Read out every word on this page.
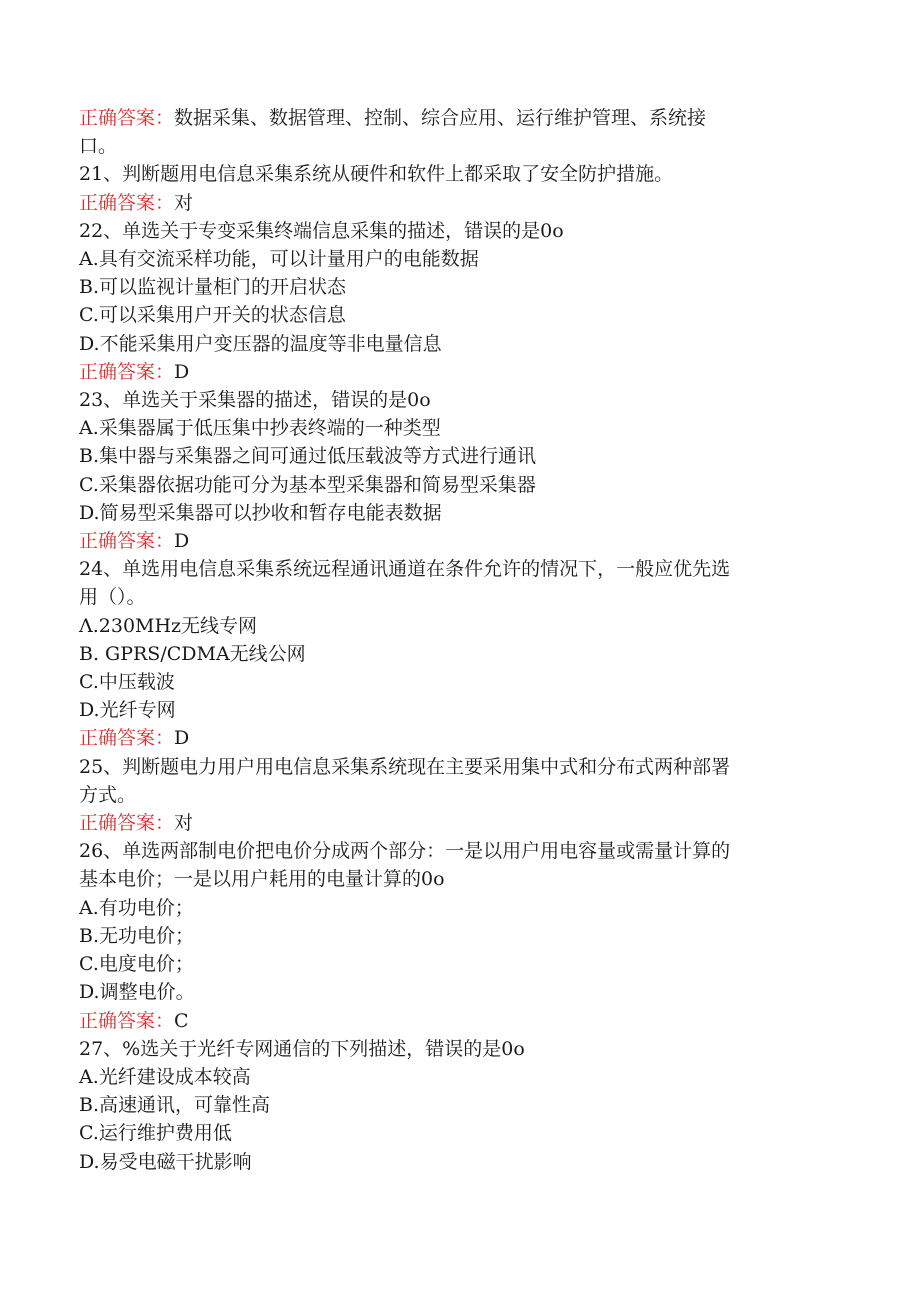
正确答案：数据采集、数据管理、控制、综合应用、运行维护管理、系统接

口。

21、判断题用电信息采集系统从硬件和软件上都采取了安全防护措施。

正确答案：对

22、单选关于专变采集终端信息采集的描述，错误的是0o

A.具有交流采样功能，可以计量用户的电能数据

B.可以监视计量柜门的开启状态

C.可以采集用户开关的状态信息

D.不能采集用户变压器的温度等非电量信息

正确答案：D

23、单选关于采集器的描述，错误的是0o

A.采集器属于低压集中抄表终端的一种类型

B.集中器与采集器之间可通过低压载波等方式进行通讯

C.采集器依据功能可分为基本型采集器和简易型采集器

D.简易型采集器可以抄收和暂存电能表数据

正确答案：D

24、单选用电信息采集系统远程通讯通道在条件允许的情况下，一般应优先选

用（）。

Λ.230MHz无线专网

B. GPRS/CDMA无线公网

C.中压载波

D.光纤专网

正确答案：D

25、判断题电力用户用电信息采集系统现在主要采用集中式和分布式两种部署

方式。

正确答案：对

26、单选两部制电价把电价分成两个部分：一是以用户用电容量或需量计算的

基本电价；一是以用户耗用的电量计算的0o

A.有功电价；

B.无功电价；

C.电度电价；

D.调整电价。

正确答案：C

27、%选关于光纤专网通信的下列描述，错误的是0o

A.光纤建设成本较高

B.高速通讯，可靠性高

C.运行维护费用低

D.易受电磁干扰影响
